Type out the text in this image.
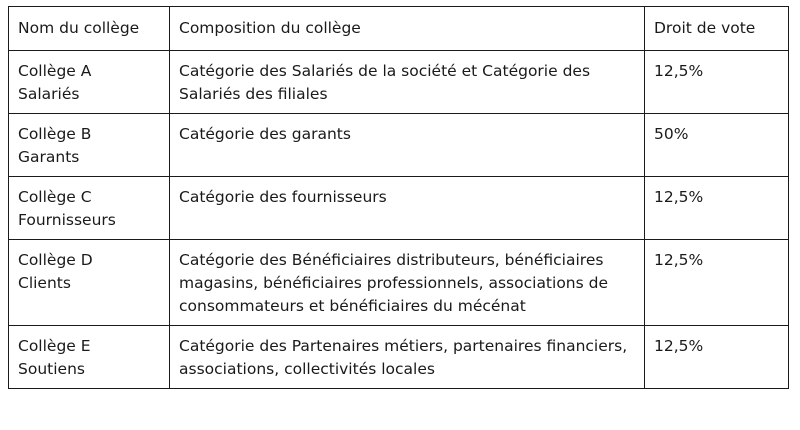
Nom du collège	Composition du collège	Droit de vote

Collège A
Salariés	Catégorie des Salariés de la société et Catégorie des Salariés des filiales	12,5%

Collège B
Garants	Catégorie des garants	50%

Collège C
Fournisseurs	Catégorie des fournisseurs	12,5%

Collège D
Clients	Catégorie des Bénéficiaires distributeurs, bénéficiaires magasins, bénéficiaires professionnels, associations de consommateurs et bénéficiaires du mécénat	12,5%

Collège E
Soutiens	Catégorie des Partenaires métiers, partenaires financiers, associations, collectivités locales	12,5%
